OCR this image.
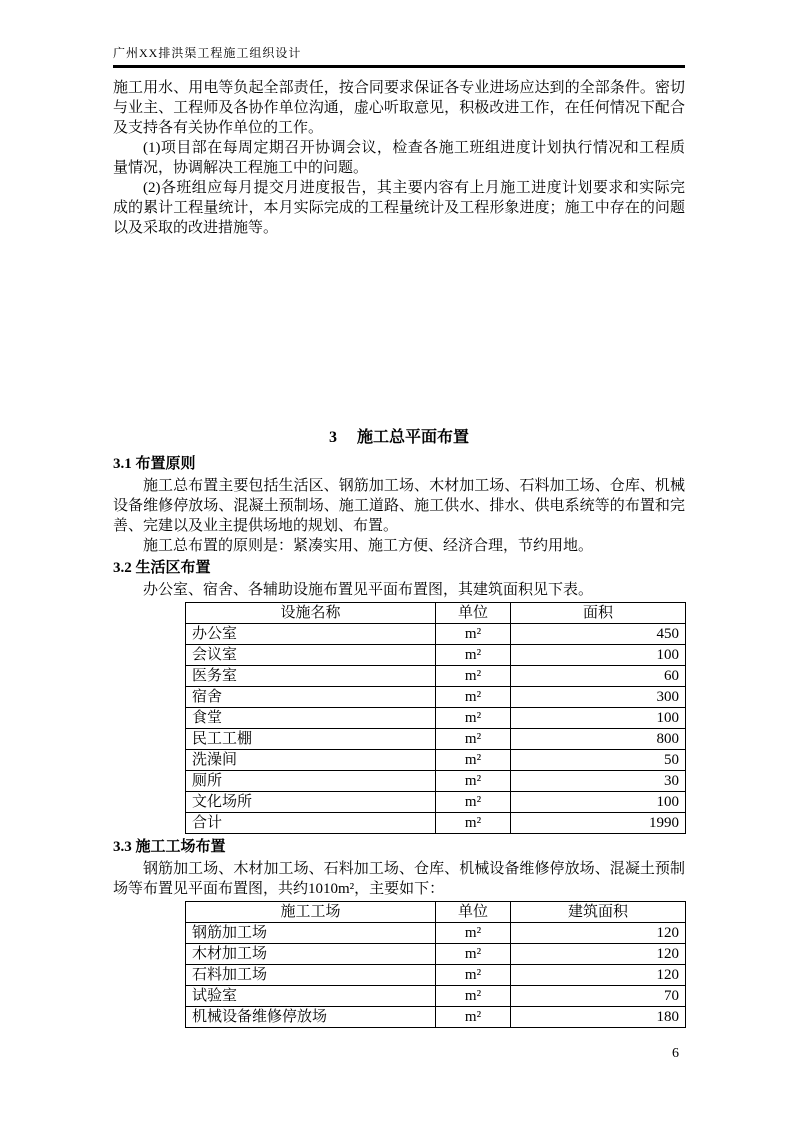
广州XX排洪渠工程施工组织设计

施工用水、用电等负起全部责任，按合同要求保证各专业进场应达到的全部条件。密切与业主、工程师及各协作单位沟通，虚心听取意见，积极改进工作，在任何情况下配合及支持各有关协作单位的工作。

(1)项目部在每周定期召开协调会议，检查各施工班组进度计划执行情况和工程质量情况，协调解决工程施工中的问题。

(2)各班组应每月提交月进度报告，其主要内容有上月施工进度计划要求和实际完成的累计工程量统计，本月实际完成的工程量统计及工程形象进度；施工中存在的问题以及采取的改进措施等。

3　 施工总平面布置
3.1 布置原则

施工总布置主要包括生活区、钢筋加工场、木材加工场、石料加工场、仓库、机械设备维修停放场、混凝土预制场、施工道路、施工供水、排水、供电系统等的布置和完善、完建以及业主提供场地的规划、布置。

施工总布置的原则是：紧凑实用、施工方便、经济合理，节约用地。

3.2 生活区布置

办公室、宿舍、各辅助设施布置见平面布置图，其建筑面积见下表。

设施名称	单位	面积
办公室	m²	450
会议室	m²	100
医务室	m²	60
宿舍	m²	300
食堂	m²	100
民工工棚	m²	800
洗澡间	m²	50
厕所	m²	30
文化场所	m²	100
合计	m²	1990
3.3 施工工场布置

钢筋加工场、木材加工场、石料加工场、仓库、机械设备维修停放场、混凝土预制场等布置见平面布置图，共约1010m²，主要如下：

施工工场	单位	建筑面积
钢筋加工场	m²	120
木材加工场	m²	120
石料加工场	m²	120
试验室	m²	70
机械设备维修停放场	m²	180
6
